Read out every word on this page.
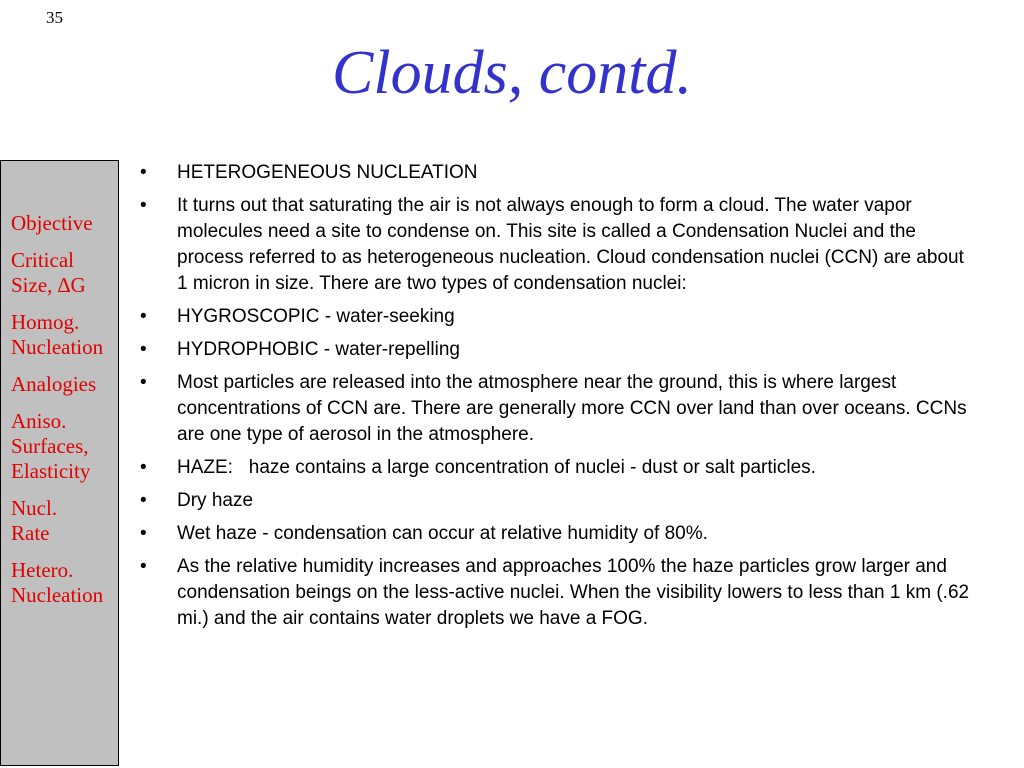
35
Clouds, contd.
Objective
Critical
Size, ∆G
Homog.
Nucleation
Analogies
Aniso.
Surfaces,
Elasticity
Nucl.
Rate
Hetero.
Nucleation
• HETEROGENEOUS NUCLEATION
• It turns out that saturating the air is not always enough to form a cloud. The water vapor molecules need a site to condense on. This site is called a Condensation Nuclei and the process referred to as heterogeneous nucleation. Cloud condensation nuclei (CCN) are about 1 micron in size. There are two types of condensation nuclei:
• HYGROSCOPIC - water-seeking
• HYDROPHOBIC - water-repelling
• Most particles are released into the atmosphere near the ground, this is where largest concentrations of CCN are. There are generally more CCN over land than over oceans. CCNs are one type of aerosol in the atmosphere.
• HAZE:   haze contains a large concentration of nuclei - dust or salt particles.
• Dry haze
• Wet haze - condensation can occur at relative humidity of 80%.
• As the relative humidity increases and approaches 100% the haze particles grow larger and condensation beings on the less-active nuclei. When the visibility lowers to less than 1 km (.62 mi.) and the air contains water droplets we have a FOG.
